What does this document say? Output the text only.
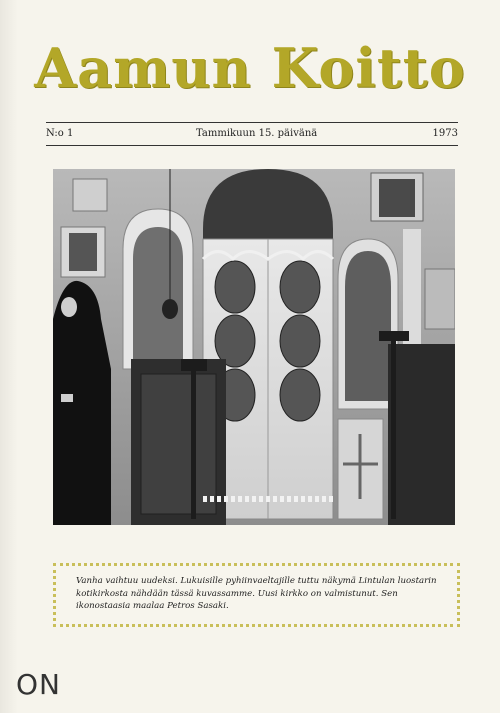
Aamun Koitto
N:o 1	Tammikuun 15. päivänä	1973
Vanha vaihtuu uudeksi. Lukuisille pyhiinvaeltajille tuttu näkymä Lintulan luostarin kotikirkosta nähdään tässä kuvassamme. Uusi kirkko on valmistunut. Sen ikonostaasia maalaa Petros Sasaki.
ON
